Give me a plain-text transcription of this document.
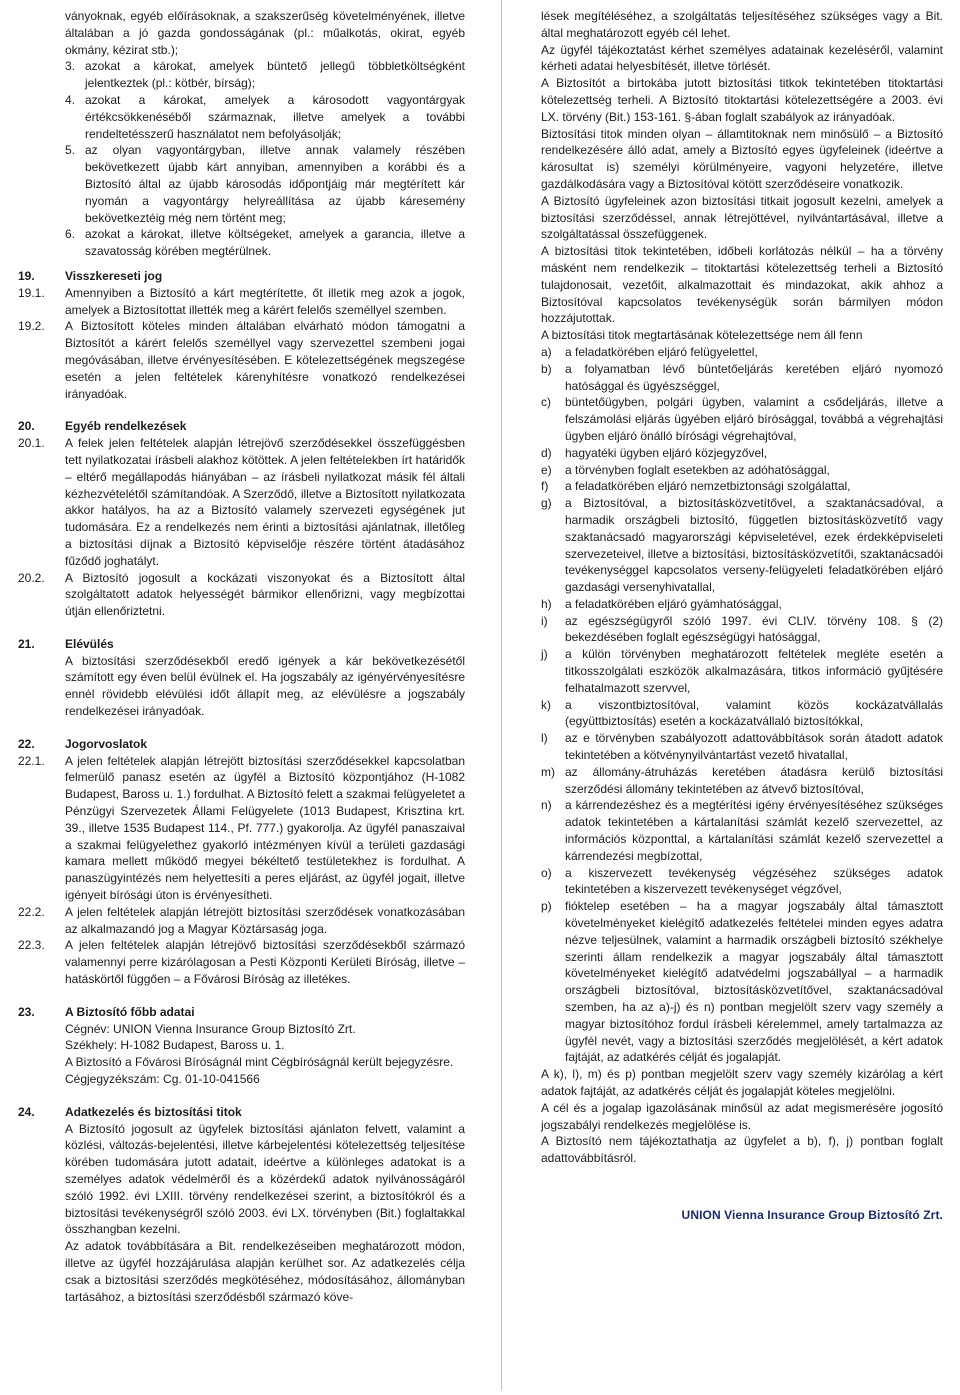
ványoknak, egyéb előírásoknak, a szakszerűség követelményének, illetve általában a jó gazda gondosságának (pl.: műalkotás, okirat, egyéb okmány, kézirat stb.);

3. azokat a károkat, amelyek büntető jellegű többletköltségként jelentkeztek (pl.: kötbér, bírság);
4. azokat a károkat, amelyek a károsodott vagyontárgyak értékcsökkenéséből származnak, illetve amelyek a további rendeltetésszerű használatot nem befolyásolják;
5. az olyan vagyontárgyban, illetve annak valamely részében bekövetkezett újabb kárt annyiban, amennyiben a korábbi és a Biztosító által az újabb károsodás időpontjáig már megtérített kár nyomán a vagyontárgy helyreállítása az újabb káresemény bekövetkeztéig még nem történt meg;
6. azokat a károkat, illetve költségeket, amelyek a garancia, illetve a szavatosság körében megtérülnek.
19.	Visszkereseti jog
19.1. Amennyiben a Biztosító a kárt megtérítette, őt illetik meg azok a jogok, amelyek a Biztosítottat illették meg a kárért felelős személlyel szemben.
19.2. A Biztosított köteles minden általában elvárható módon támogatni a Biztosítót a kárért felelős személlyel vagy szervezettel szembeni jogai megóvásában, illetve érvényesítésében. E kötelezettségének megszegése esetén a jelen feltételek kárenyhítésre vonatkozó rendelkezései irányadóak.
20.	Egyéb rendelkezések
20.1. A felek jelen feltételek alapján létrejövő szerződésekkel összefüggésben tett nyilatkozatai írásbeli alakhoz kötöttek. A jelen feltételekben írt határidők – eltérő megállapodás hiányában – az írásbeli nyilatkozat másik fél általi kézhezvételétől számítandóak. A Szerződő, illetve a Biztosított nyilatkozata akkor hatályos, ha az a Biztosító valamely szervezeti egységének jut tudomására. Ez a rendelkezés nem érinti a biztosítási ajánlatnak, illetőleg a biztosítási díjnak a Biztosító képviselője részére történt átadásához fűződő joghatályt.
20.2. A Biztosító jogosult a kockázati viszonyokat és a Biztosított által szolgáltatott adatok helyességét bármikor ellenőrizni, vagy megbízottai útján ellenőriztetni.
21.	Elévülés

A biztosítási szerződésekből eredő igények a kár bekövetkezésétől számított egy éven belül évülnek el. Ha jogszabály az igényérvényesítésre ennél rövidebb elévülési időt állapít meg, az elévülésre a jogszabály rendelkezései irányadóak.

22.	Jogorvoslatok
22.1. A jelen feltételek alapján létrejött biztosítási szerződésekkel kapcsolatban felmerülő panasz esetén az ügyfél a Biztosító központjához (H-1082 Budapest, Baross u. 1.) fordulhat. A Biztosító felett a szakmai felügyeletet a Pénzügyi Szervezetek Állami Felügyelete (1013 Budapest, Krisztina krt. 39., illetve 1535 Budapest 114., Pf. 777.) gyakorolja. Az ügyfél panaszaival a szakmai felügyelethez gyakorló intézményen kívül a területi gazdasági kamara mellett működő megyei békéltető testületekhez is fordulhat. A panaszügyintézés nem helyettesíti a peres eljárást, az ügyfél jogait, illetve igényeit bírósági úton is érvényesítheti.
22.2. A jelen feltételek alapján létrejött biztosítási szerződések vonatkozásában az alkalmazandó jog a Magyar Köztársaság joga.
22.3. A jelen feltételek alapján létrejövő biztosítási szerződésekből származó valamennyi perre kizárólagosan a Pesti Központi Kerületi Bíróság, illetve – hatáskörtől függően – a Fővárosi Bíróság az illetékes.
23.	A Biztosító főbb adatai

Cégnév: UNION Vienna Insurance Group Biztosító Zrt.

Székhely: H-1082 Budapest, Baross u. 1.

A Biztosító a Fővárosi Bíróságnál mint Cégbíróságnál került bejegyzésre.

Cégjegyzékszám: Cg. 01-10-041566

24.	Adatkezelés és biztosítási titok

A Biztosító jogosult az ügyfelek biztosítási ajánlaton felvett, valamint a közlési, változás-bejelentési, illetve kárbejelentési kötelezettség teljesítése körében tudomására jutott adatait, ideértve a különleges adatokat is a személyes adatok védelméről és a közérdekű adatok nyilvánosságáról szóló 1992. évi LXIII. törvény rendelkezései szerint, a biztosítókról és a biztosítási tevékenységről szóló 2003. évi LX. törvényben (Bit.) foglaltakkal összhangban kezelni.

Az adatok továbbítására a Bit. rendelkezéseiben meghatározott módon, illetve az ügyfél hozzájárulása alapján kerülhet sor. Az adatkezelés célja csak a biztosítási szerződés megkötéséhez, módosításához, állományban tartásához, a biztosítási szerződésből származó köve-

lések megítéléséhez, a szolgáltatás teljesítéséhez szükséges vagy a Bit. által meghatározott egyéb cél lehet.

Az ügyfél tájékoztatást kérhet személyes adatainak kezeléséről, valamint kérheti adatai helyesbítését, illetve törlését.

A Biztosítót a birtokába jutott biztosítási titkok tekintetében titoktartási kötelezettség terheli. A Biztosító titoktartási kötelezettségére a 2003. évi LX. törvény (Bit.) 153-161. §-ában foglalt szabályok az irányadóak.

Biztosítási titok minden olyan – államtitoknak nem minősülő – a Biztosító rendelkezésére álló adat, amely a Biztosító egyes ügyfeleinek (ideértve a károsultat is) személyi körülményeire, vagyoni helyzetére, illetve gazdálkodására vagy a Biztosítóval kötött szerződéseire vonatkozik.

A Biztosító ügyfeleinek azon biztosítási titkait jogosult kezelni, amelyek a biztosítási szerződéssel, annak létrejöttével, nyilvántartásával, illetve a szolgáltatással összefüggenek.

A biztosítási titok tekintetében, időbeli korlátozás nélkül – ha a törvény másként nem rendelkezik – titoktartási kötelezettség terheli a Biztosító tulajdonosait, vezetőit, alkalmazottait és mindazokat, akik ahhoz a Biztosítóval kapcsolatos tevékenységük során bármilyen módon hozzájutottak.

A biztosítási titok megtartásának kötelezettsége nem áll fenn

a) a feladatkörében eljáró felügyelettel,
b) a folyamatban lévő büntetőeljárás keretében eljáró nyomozó hatósággal és ügyészséggel,
c) büntetőügyben, polgári ügyben, valamint a csődeljárás, illetve a felszámolási eljárás ügyében eljáró bírósággal, továbbá a végrehajtási ügyben eljáró önálló bírósági végrehajtóval,
d) hagyatéki ügyben eljáró közjegyzővel,
e) a törvényben foglalt esetekben az adóhatósággal,
f) a feladatkörében eljáró nemzetbiztonsági szolgálattal,
g) a Biztosítóval, a biztosításközvetítővel, a szaktanácsadóval, a harmadik országbeli biztosító, független biztosításközvetítő vagy szaktanácsadó magyarországi képviseletével, ezek érdekképviseleti szervezeteivel, illetve a biztosítási, biztosításközvetítői, szaktanácsadói tevékenységgel kapcsolatos verseny-felügyeleti feladatkörében eljáró gazdasági versenyhivatallal,
h) a feladatkörében eljáró gyámhatósággal,
i) az egészségügyről szóló 1997. évi CLIV. törvény 108. § (2) bekezdésében foglalt egészségügyi hatósággal,
j) a külön törvényben meghatározott feltételek megléte esetén a titkosszolgálati eszközök alkalmazására, titkos információ gyűjtésére felhatalmazott szervvel,
k) a viszontbiztosítóval, valamint közös kockázatvállalás (együttbiztosítás) esetén a kockázatvállaló biztosítókkal,
l) az e törvényben szabályozott adattovábbítások során átadott adatok tekintetében a kötvénynyilvántartást vezető hivatallal,
m) az állomány-átruházás keretében átadásra kerülő biztosítási szerződési állomány tekintetében az átvevő biztosítóval,
n) a kárrendezéshez és a megtérítési igény érvényesítéséhez szükséges adatok tekintetében a kártalanítási számlát kezelő szervezettel, az információs központtal, a kártalanítási számlát kezelő szervezettel a kárrendezési megbízottal,
o) a kiszervezett tevékenység végzéséhez szükséges adatok tekintetében a kiszervezett tevékenységet végzővel,
p) fióktelep esetében – ha a magyar jogszabály által támasztott követelményeket kielégítő adatkezelés feltételei minden egyes adatra nézve teljesülnek, valamint a harmadik országbeli biztosító székhelye szerinti állam rendelkezik a magyar jogszabály által támasztott követelményeket kielégítő adatvédelmi jogszabállyal – a harmadik országbeli biztosítóval, biztosításközvetítővel, szaktanácsadóval szemben, ha az a)-j) és n) pontban megjelölt szerv vagy személy a magyar biztosítóhoz fordul írásbeli kérelemmel, amely tartalmazza az ügyfél nevét, vagy a biztosítási szerződés megjelölését, a kért adatok fajtáját, az adatkérés célját és jogalapját.

A k), l), m) és p) pontban megjelölt szerv vagy személy kizárólag a kért adatok fajtáját, az adatkérés célját és jogalapját köteles megjelölni.

A cél és a jogalap igazolásának minősül az adat megismerésére jogosító jogszabályi rendelkezés megjelölése is.

A Biztosító nem tájékoztathatja az ügyfelet a b), f), j) pontban foglalt adattovábbításról.

UNION Vienna Insurance Group Biztosító Zrt.
